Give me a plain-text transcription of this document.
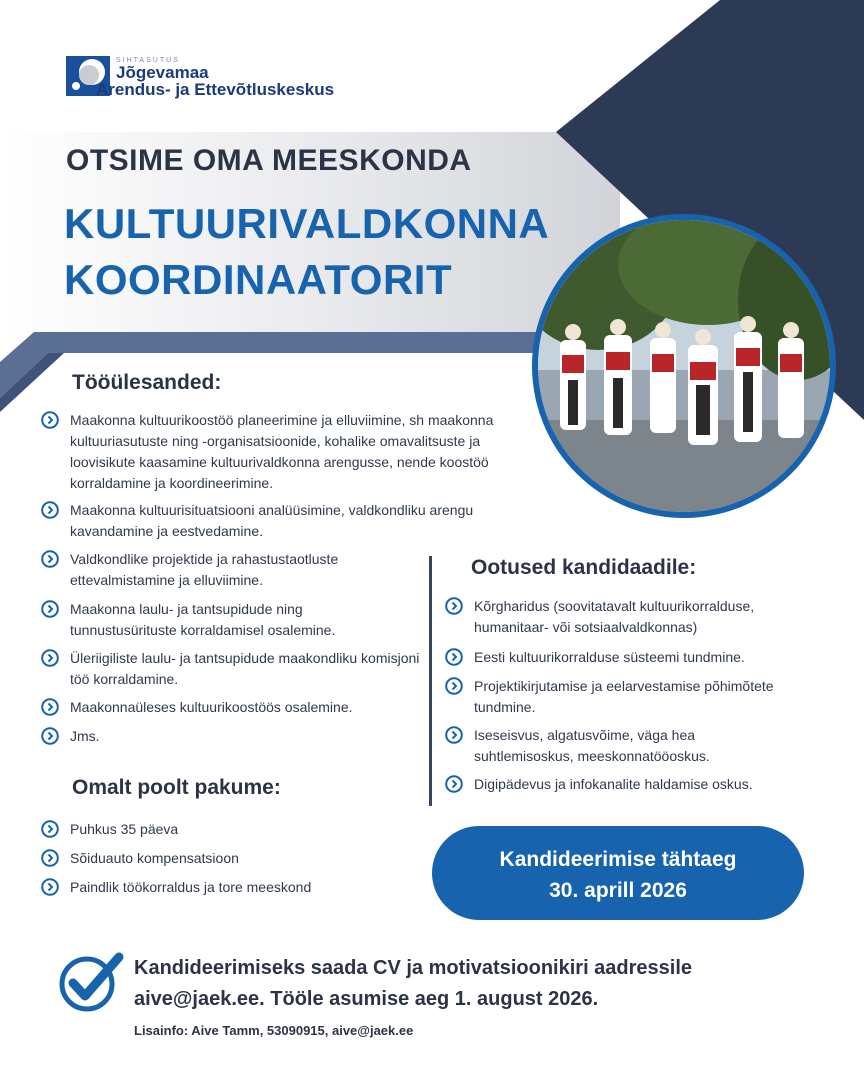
SIHTASUTUS
Jõgevamaa
Arendus- ja Ettevõtluskeskus
OTSIME OMA MEESKONDA
KULTUURIVALDKONNA
KOORDINAATORIT
Tööülesanded:
Maakonna kultuurikoostöö planeerimine ja elluviimine, sh maakonna kultuuriasutuste ning -organisatsioonide, kohalike omavalitsuste ja loovisikute kaasamine kultuurivaldkonna arengusse, nende koostöö korraldamine ja koordineerimine.
Maakonna kultuurisituatsiooni analüüsimine, valdkondliku arengu kavandamine ja eestvedamine.
Valdkondlike projektide ja rahastustaotluste ettevalmistamine ja elluviimine.
Maakonna laulu- ja tantsupidude ning tunnustusürituste korraldamisel osalemine.
Üleriigiliste laulu- ja tantsupidude maakondliku komisjoni töö korraldamine.
Maakonnaüleses kultuurikoostöös osalemine.
Jms.
Ootused kandidaadile:
Kõrgharidus (soovitatavalt kultuurikorralduse, humanitaar- või sotsiaalvaldkonnas)
Eesti kultuurikorralduse süsteemi tundmine.
Projektikirjutamise ja eelarvestamise põhimõtete tundmine.
Iseseisvus, algatusvõime, väga hea suhtlemisoskus, meeskonnatööoskus.
Digipädevus ja infokanalite haldamise oskus.
Omalt poolt pakume:
Puhkus 35 päeva
Sõiduauto kompensatsioon
Paindlik töökorraldus ja tore meeskond
Kandideerimise tähtaeg
30. aprill 2026
Kandideerimiseks saada CV ja motivatsioonikiri aadressile
aive@jaek.ee. Tööle asumise aeg 1. august 2026.
Lisainfo: Aive Tamm, 53090915, aive@jaek.ee
